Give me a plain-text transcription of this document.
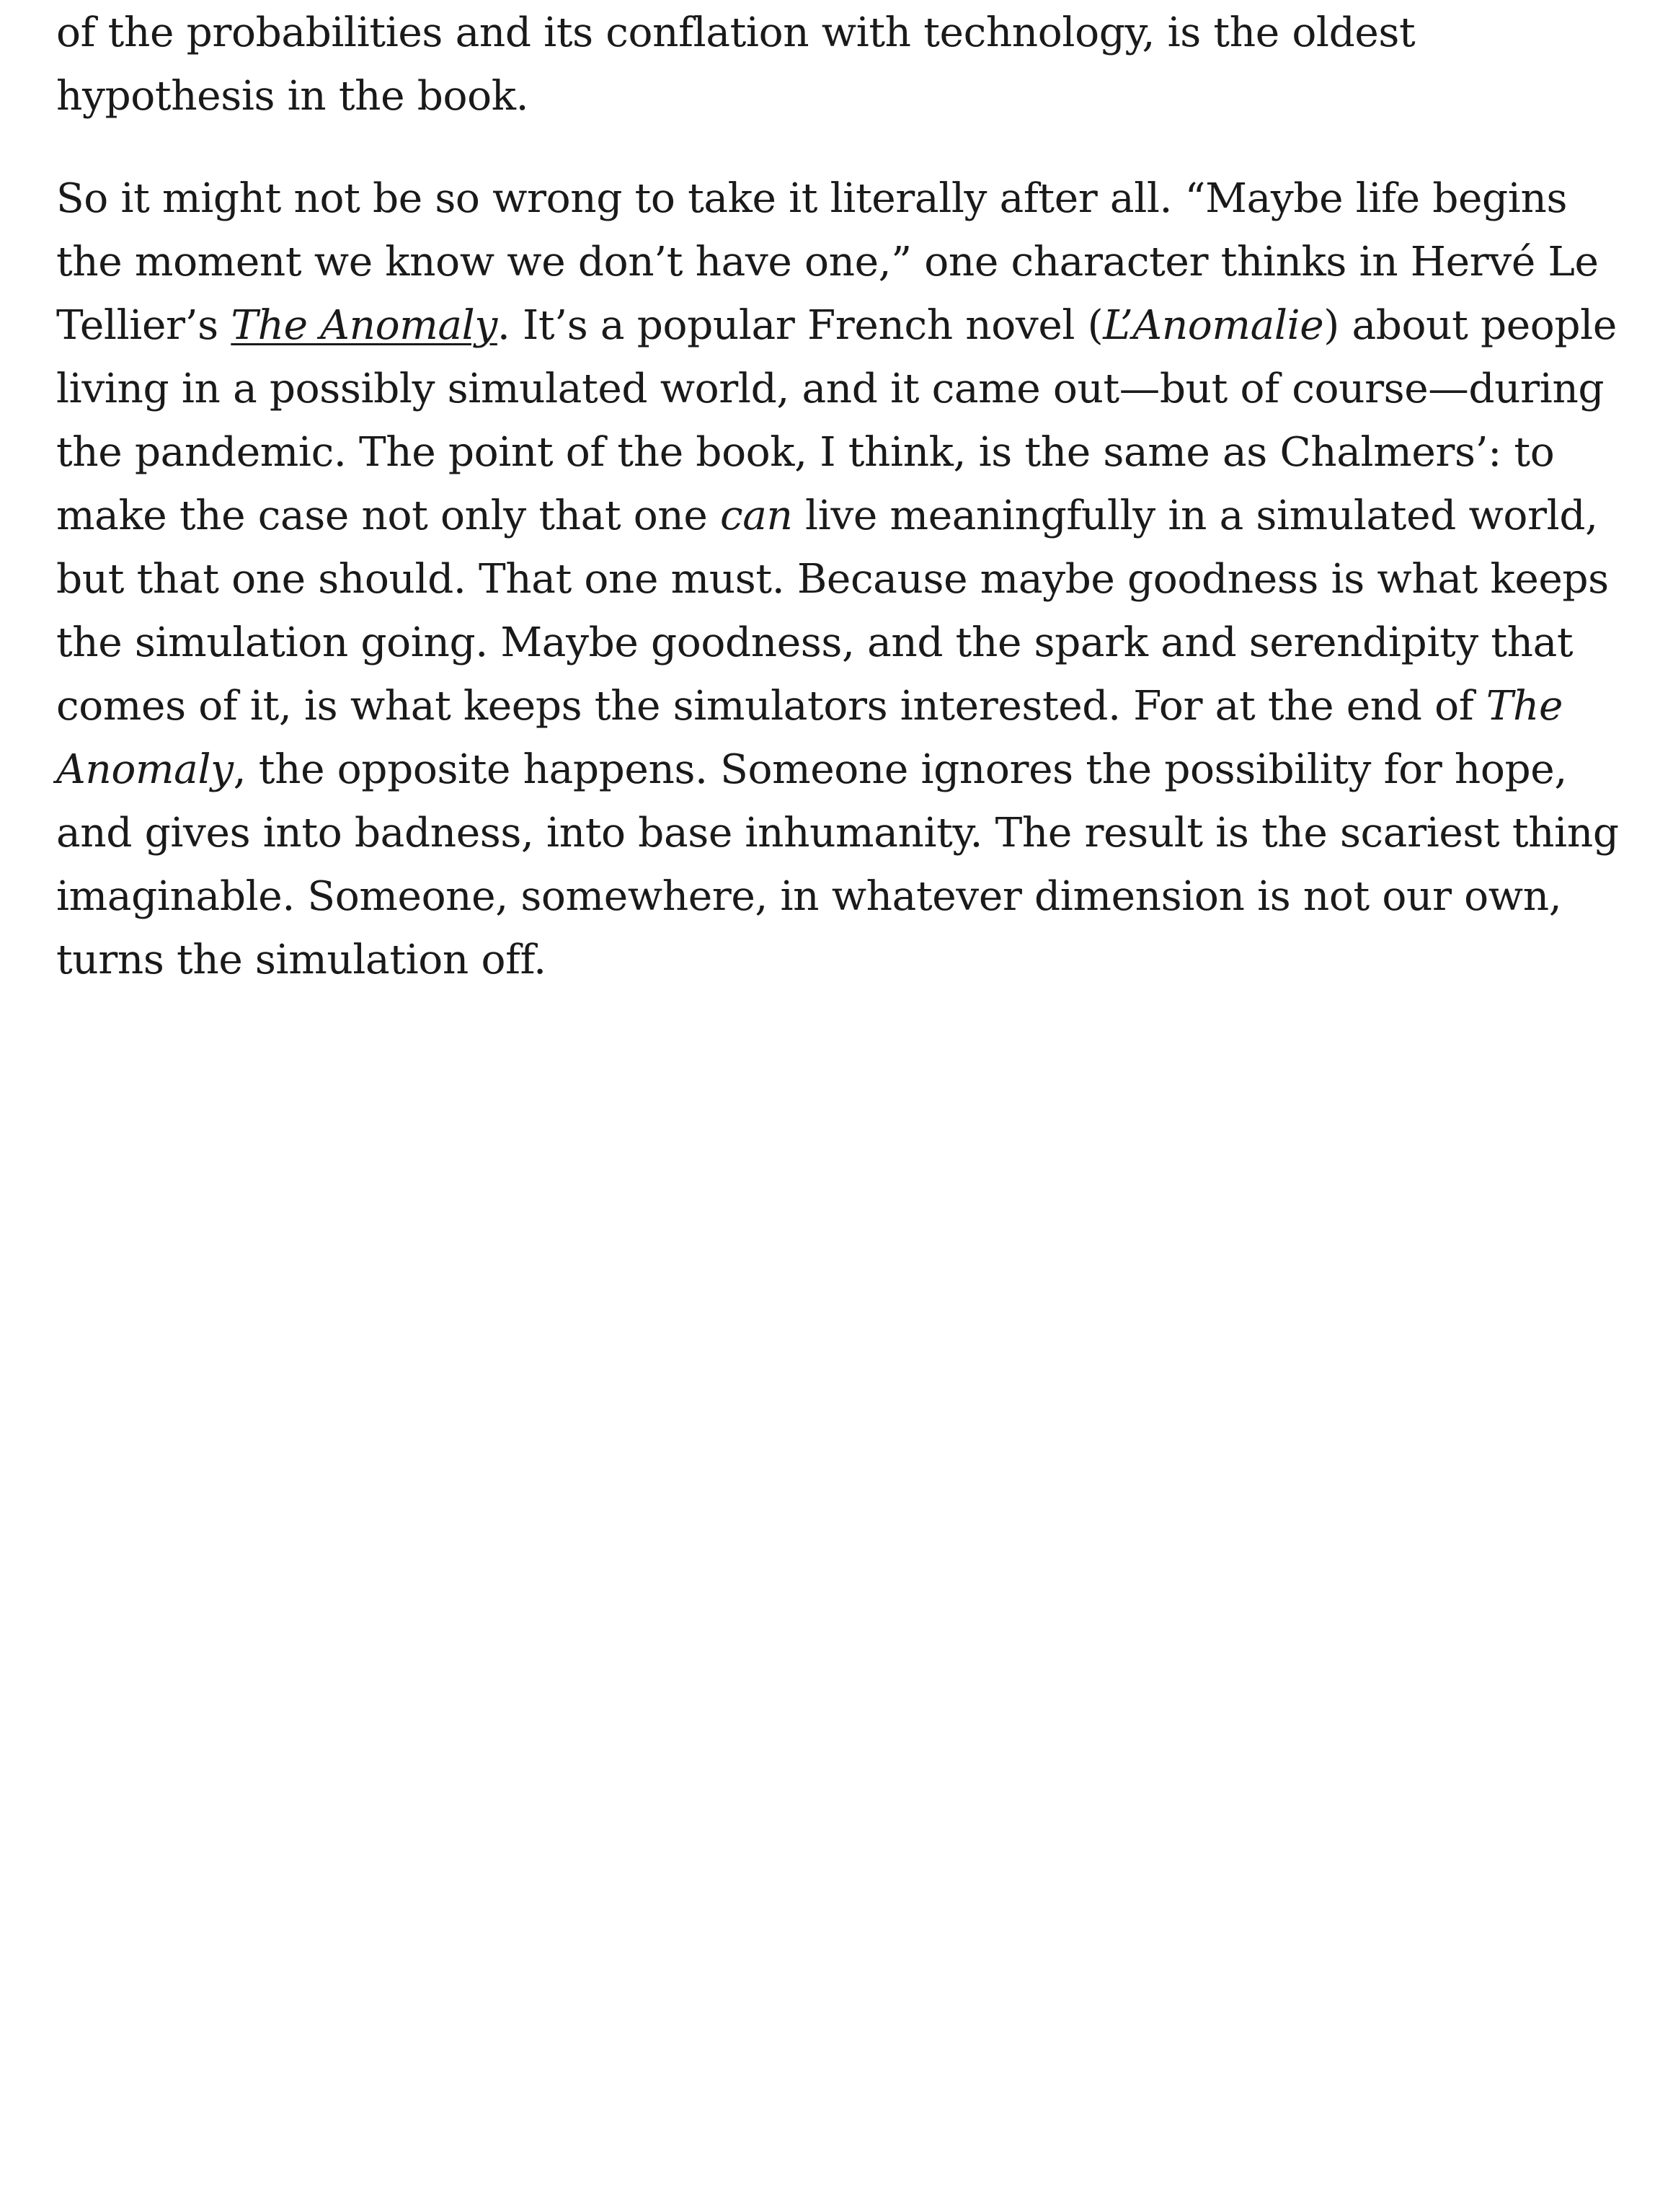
of the probabilities and its conflation with technology, is the oldest hypothesis in the book.

So it might not be so wrong to take it literally after all. “Maybe life begins the moment we know we don’t have one,” one character thinks in Hervé Le Tellier’s The Anomaly. It’s a popular French novel (L’Anomalie) about people living in a possibly simulated world, and it came out—but of course—during the pandemic. The point of the book, I think, is the same as Chalmers’: to make the case not only that one can live meaningfully in a simulated world, but that one should. That one must. Because maybe goodness is what keeps the simulation going. Maybe goodness, and the spark and serendipity that comes of it, is what keeps the simulators interested. For at the end of The Anomaly, the opposite happens. Someone ignores the possibility for hope, and gives into badness, into base inhumanity. The result is the scariest thing imaginable. Someone, somewhere, in whatever dimension is not our own, turns the simulation off.
